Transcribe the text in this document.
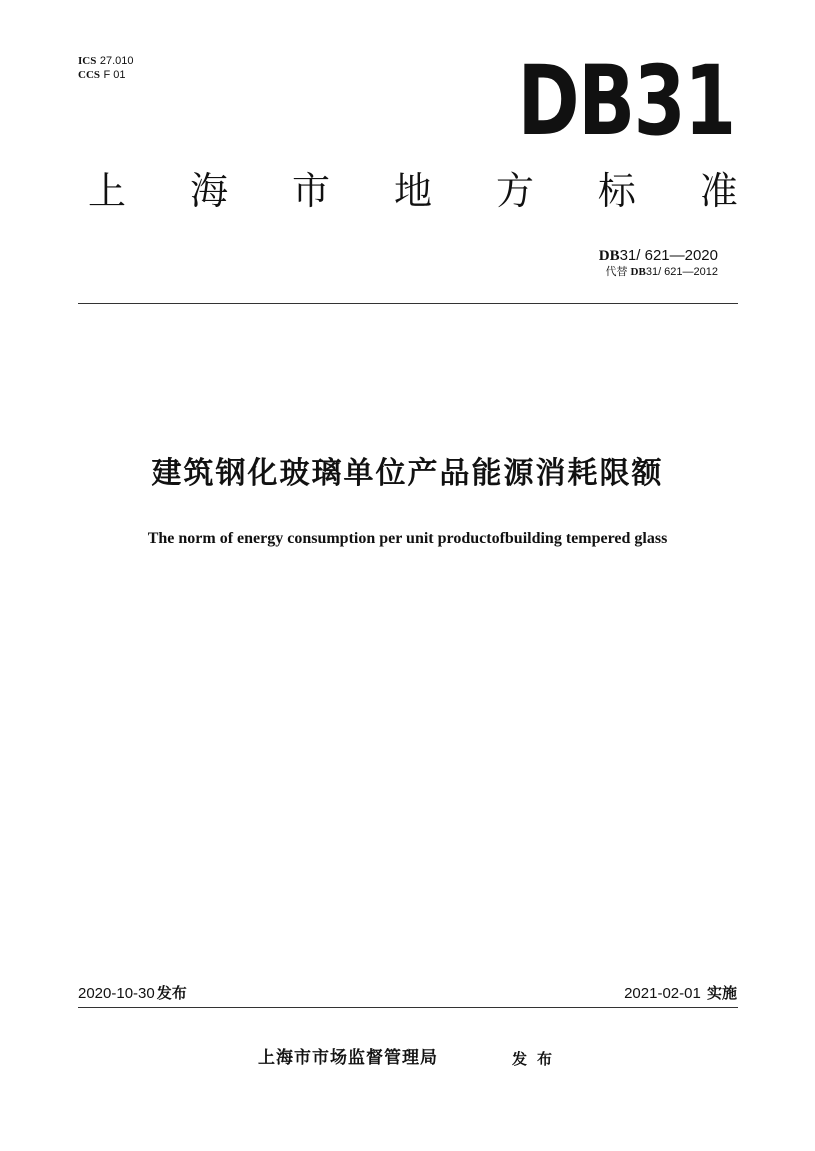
ICS 27.010
CCS F 01	DB31
上 海 市 地 方 标 准
DB31/ 621—2020
代替 DB31/ 621—2012
建筑钢化玻璃单位产品能源消耗限额
The norm of energy consumption per unit productofbuilding tempered glass
2020-10-30 发布	2021-02-01 实施
上海市市场监督管理局	发布
